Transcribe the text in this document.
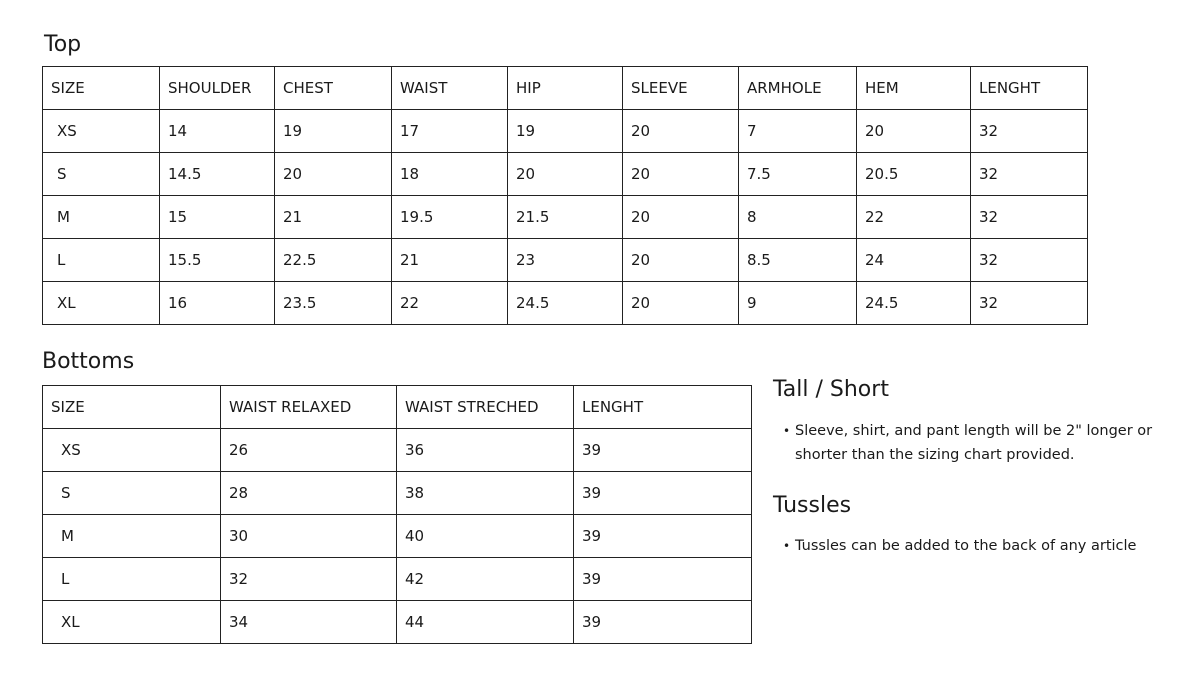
Top
SIZE	SHOULDER	CHEST	WAIST	HIP	SLEEVE	ARMHOLE	HEM	LENGHT
XS	14	19	17	19	20	7	20	32
S	14.5	20	18	20	20	7.5	20.5	32
M	15	21	19.5	21.5	20	8	22	32
L	15.5	22.5	21	23	20	8.5	24	32
XL	16	23.5	22	24.5	20	9	24.5	32
Bottoms
SIZE	WAIST RELAXED	WAIST STRECHED	LENGHT
XS	26	36	39
S	28	38	39
M	30	40	39
L	32	42	39
XL	34	44	39
Tall / Short
• Sleeve, shirt, and pant length will be 2" longer or shorter than the sizing chart provided.
Tussles
• Tussles can be added to the back of any article
